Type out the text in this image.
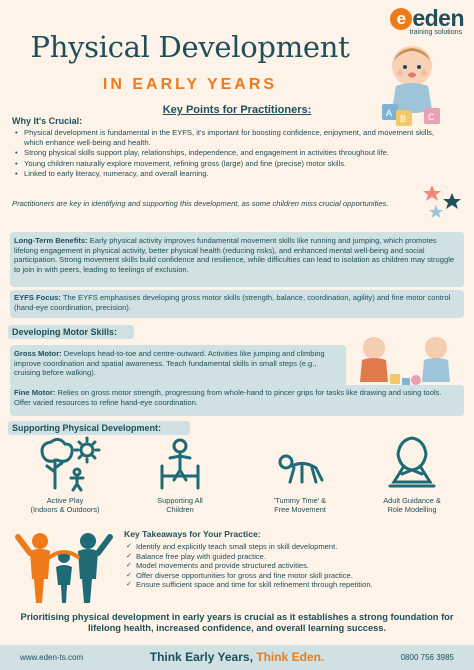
e eden
training solutions
Physical Development
IN EARLY YEARS
A
B C
Key Points for Practitioners:
Why It's Crucial:
• Physical development is fundamental in the EYFS, it's important for boosting confidence, enjoyment, and movement skills, which enhance well-being and health.
• Strong physical skills support play, relationships, independence, and engagement in activities throughout life.
• Young children naturally explore movement, refining gross (large) and fine (precise) motor skills.
• Linked to early literacy, numeracy, and overall learning.
Practitioners are key in identifying and supporting this development, as some children miss crucial opportunities.

Long-Term Benefits: Early physical activity improves fundamental movement skills like running and jumping, which promotes lifelong engagement in physical activity, better physical health (reducing risks), and enhanced mental well-being and social participation. Strong movement skills build confidence and resilience, while difficulties can lead to isolation as children may struggle to join in with peers, leading to feelings of exclusion.

EYFS Focus: The EYFS emphasises developing gross motor skills (strength, balance, coordination, agility) and fine motor control (hand-eye coordination, precision).

Developing Motor Skills:

Gross Motor: Develops head-to-toe and centre-outward. Activities like jumping and climbing improve coordination and spatial awareness. Teach fundamental skills in small steps (e.g., cruising before walking).

Fine Motor: Relies on gross motor strength, progressing from whole-hand to pincer grips for tasks like drawing and using tools. Offer varied resources to refine hand-eye coordination.

Supporting Physical Development:
Active Play
(Indoors & Outdoors)
Supporting All
Children
'Tummy Time' &
Free Movement
Adult Guidance &
Role Modelling
Key Takeaways for Your Practice:
✓ Identify and explicitly teach small steps in skill development.
✓ Balance free play with guided practice.
✓ Model movements and provide structured activities.
✓ Offer diverse opportunities for gross and fine motor skill practice.
✓ Ensure sufficient space and time for skill refinement through repetition.
Prioritising physical development in early years is crucial as it establishes a strong foundation for lifelong health, increased confidence, and overall learning success.
www.eden-ts.com	Think Early Years, Think Eden.	0800 756 3985
